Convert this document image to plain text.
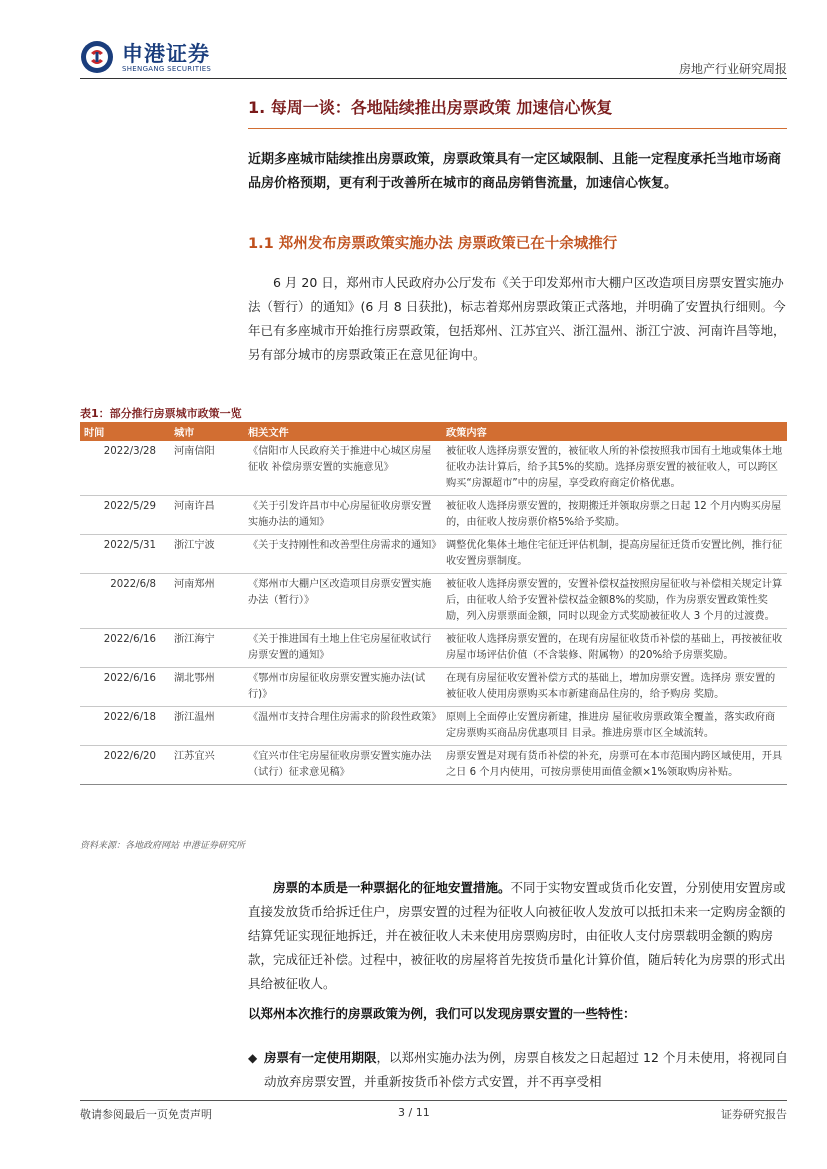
申港证券
SHENGANG SECURITIES	房地产行业研究周报
1. 每周一谈：各地陆续推出房票政策 加速信心恢复
近期多座城市陆续推出房票政策，房票政策具有一定区域限制、且能一定程度承托当地市场商品房价格预期，更有利于改善所在城市的商品房销售流量，加速信心恢复。
1.1 郑州发布房票政策实施办法 房票政策已在十余城推行
6 月 20 日，郑州市人民政府办公厅发布《关于印发郑州市大棚户区改造项目房票安置实施办法（暂行）的通知》(6 月 8 日获批)，标志着郑州房票政策正式落地，并明确了安置执行细则。今年已有多座城市开始推行房票政策，包括郑州、江苏宜兴、浙江温州、浙江宁波、河南许昌等地，另有部分城市的房票政策正在意见征询中。
表1：部分推行房票城市政策一览
时间	城市	相关文件	政策内容
2022/3/28	河南信阳	《信阳市人民政府关于推进中心城区房屋征收 补偿房票安置的实施意见》	被征收人选择房票安置的，被征收人所的补偿按照我市国有土地或集体土地征收办法计算后，给予其5%的奖励。选择房票安置的被征收人，可以跨区购买“房源超市”中的房屋，享受政府商定价格优惠。
2022/5/29	河南许昌	《关于引发许昌市中心房屋征收房票安置实施办法的通知》	被征收人选择房票安置的，按期搬迁并领取房票之日起 12 个月内购买房屋的，由征收人按房票价格5%给予奖励。
2022/5/31	浙江宁波	《关于支持刚性和改善型住房需求的通知》	调整优化集体土地住宅征迁评估机制，提高房屋征迁货币安置比例，推行征收安置房票制度。
2022/6/8	河南郑州	《郑州市大棚户区改造项目房票安置实施办法（暂行）》	被征收人选择房票安置的，安置补偿权益按照房屋征收与补偿相关规定计算后，由征收人给予安置补偿权益金额8%的奖励，作为房票安置政策性奖励，列入房票票面金额，同时以现金方式奖励被征收人 3 个月的过渡费。
2022/6/16	浙江海宁	《关于推进国有土地上住宅房屋征收试行房票安置的通知》	被征收人选择房票安置的，在现有房屋征收货币补偿的基础上，再按被征收房屋市场评估价值（不含装修、附属物）的20%给予房票奖励。
2022/6/16	湖北鄂州	《鄂州市房屋征收房票安置实施办法(试行)》	在现有房屋征收安置补偿方式的基础上，增加房票安置。选择房 票安置的被征收人使用房票购买本市新建商品住房的，给予购房 奖励。
2022/6/18	浙江温州	《温州市支持合理住房需求的阶段性政策》	原则上全面停止安置房新建，推进房 屋征收房票政策全覆盖，落实政府商定房票购买商品房优惠项目 目录。推进房票市区全域流转。
2022/6/20	江苏宜兴	《宜兴市住宅房屋征收房票安置实施办法（试行）征求意见稿》	房票安置是对现有货币补偿的补充，房票可在本市范围内跨区域使用，开具之日 6 个月内使用，可按房票使用面值金额×1%领取购房补贴。
资料来源：各地政府网站 申港证券研究所
房票的本质是一种票据化的征地安置措施。不同于实物安置或货币化安置，分别使用安置房或直接发放货币给拆迁住户，房票安置的过程为征收人向被征收人发放可以抵扣未来一定购房金额的结算凭证实现征地拆迁，并在被征收人未来使用房票购房时，由征收人支付房票载明金额的购房款，完成征迁补偿。过程中，被征收的房屋将首先按货币量化计算价值，随后转化为房票的形式出具给被征收人。
以郑州本次推行的房票政策为例，我们可以发现房票安置的一些特性：
◆ 房票有一定使用期限，以郑州实施办法为例，房票自核发之日起超过 12 个月未使用，将视同自动放弃房票安置，并重新按货币补偿方式安置，并不再享受相
敬请参阅最后一页免责声明	3 / 11	证券研究报告
